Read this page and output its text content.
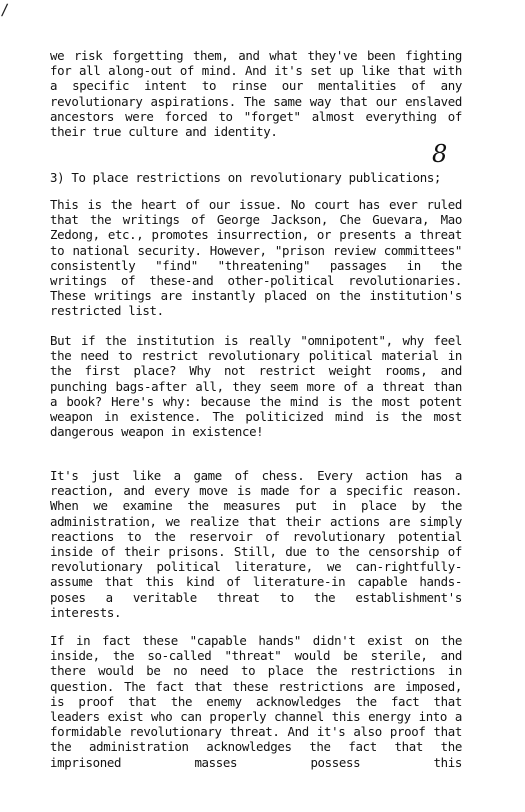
/
8

we risk forgetting them, and what they've been fighting for all along-out of mind. And it's set up like that with a specific intent to rinse our mentalities of any revolutionary aspirations. The same way that our enslaved ancestors were forced to "forget" almost everything of their true culture and identity.

3) To place restrictions on revolutionary publications;

This is the heart of our issue. No court has ever ruled that the writings of George Jackson, Che Guevara, Mao Zedong, etc., promotes insurrection, or presents a threat to national security. However, "prison review committees" consistently "find" "threatening" passages in the writings of these-and other-political revolutionaries. These writings are instantly placed on the institution's restricted list.

But if the institution is really "omnipotent", why feel the need to restrict revolutionary political material in the first place? Why not restrict weight rooms, and punching bags-after all, they seem more of a threat than a book? Here's why: because the mind is the most potent weapon in existence. The politicized mind is the most dangerous weapon in existence!

It's just like a game of chess. Every action has a reaction, and every move is made for a specific reason. When we examine the measures put in place by the administration, we realize that their actions are simply reactions to the reservoir of revolutionary potential inside of their prisons. Still, due to the censorship of revolutionary political literature, we can-rightfully-assume that this kind of literature-in capable hands-poses a veritable threat to the establishment's interests.

If in fact these "capable hands" didn't exist on the inside, the so-called "threat" would be sterile, and there would be no need to place the restrictions in question. The fact that these restrictions are imposed, is proof that the enemy acknowledges the fact that leaders exist who can properly channel this energy into a formidable revolutionary threat. And it's also proof that the administration acknowledges the fact that the imprisoned masses possess this
